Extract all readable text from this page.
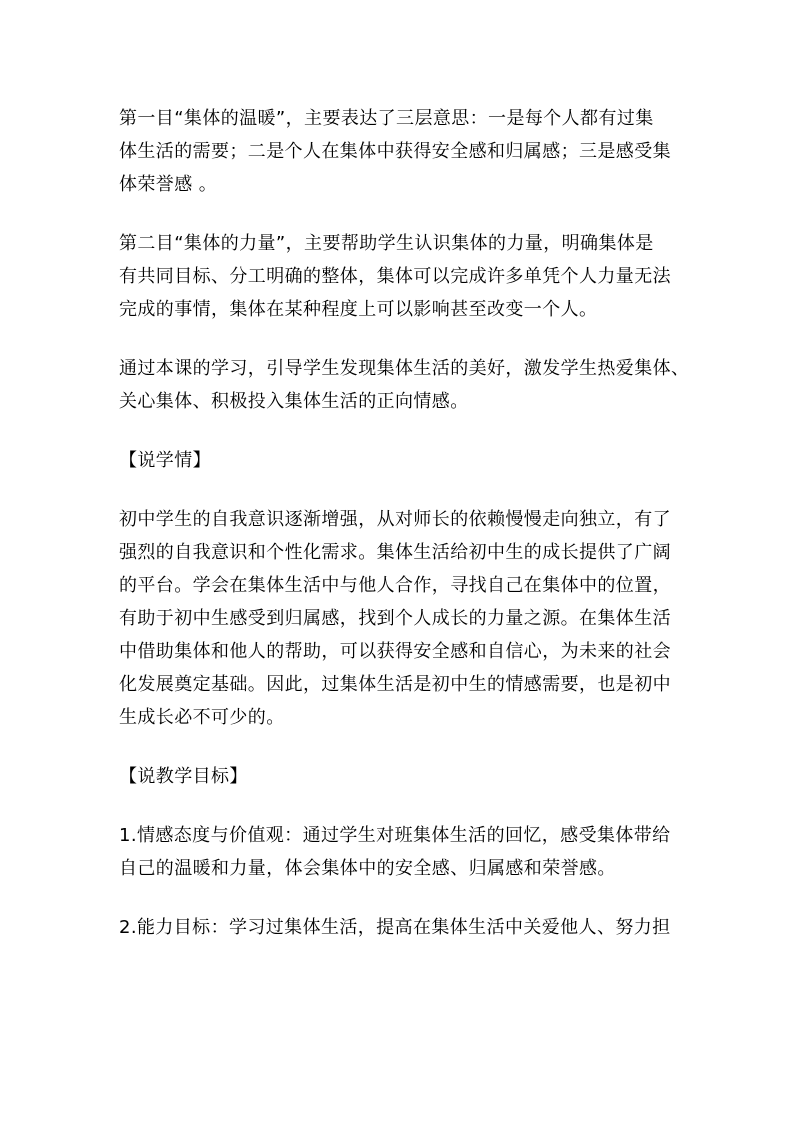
第一目“集体的温暖”，主要表达了三层意思：一是每个人都有过集
体生活的需要；二是个人在集体中获得安全感和归属感；三是感受集
体荣誉感 。

第二目“集体的力量”，主要帮助学生认识集体的力量，明确集体是
有共同目标、分工明确的整体，集体可以完成许多单凭个人力量无法
完成的事情，集体在某种程度上可以影响甚至改变一个人。

通过本课的学习，引导学生发现集体生活的美好，激发学生热爱集体、
关心集体、积极投入集体生活的正向情感。

【说学情】

初中学生的自我意识逐渐增强，从对师长的依赖慢慢走向独立，有了
强烈的自我意识和个性化需求。集体生活给初中生的成长提供了广阔
的平台。学会在集体生活中与他人合作，寻找自己在集体中的位置，
有助于初中生感受到归属感，找到个人成长的力量之源。在集体生活
中借助集体和他人的帮助，可以获得安全感和自信心，为未来的社会
化发展奠定基础。因此，过集体生活是初中生的情感需要，也是初中
生成长必不可少的。

【说教学目标】

1.情感态度与价值观：通过学生对班集体生活的回忆，感受集体带给
自己的温暖和力量，体会集体中的安全感、归属感和荣誉感。

2.能力目标：学习过集体生活，提高在集体生活中关爱他人、努力担
